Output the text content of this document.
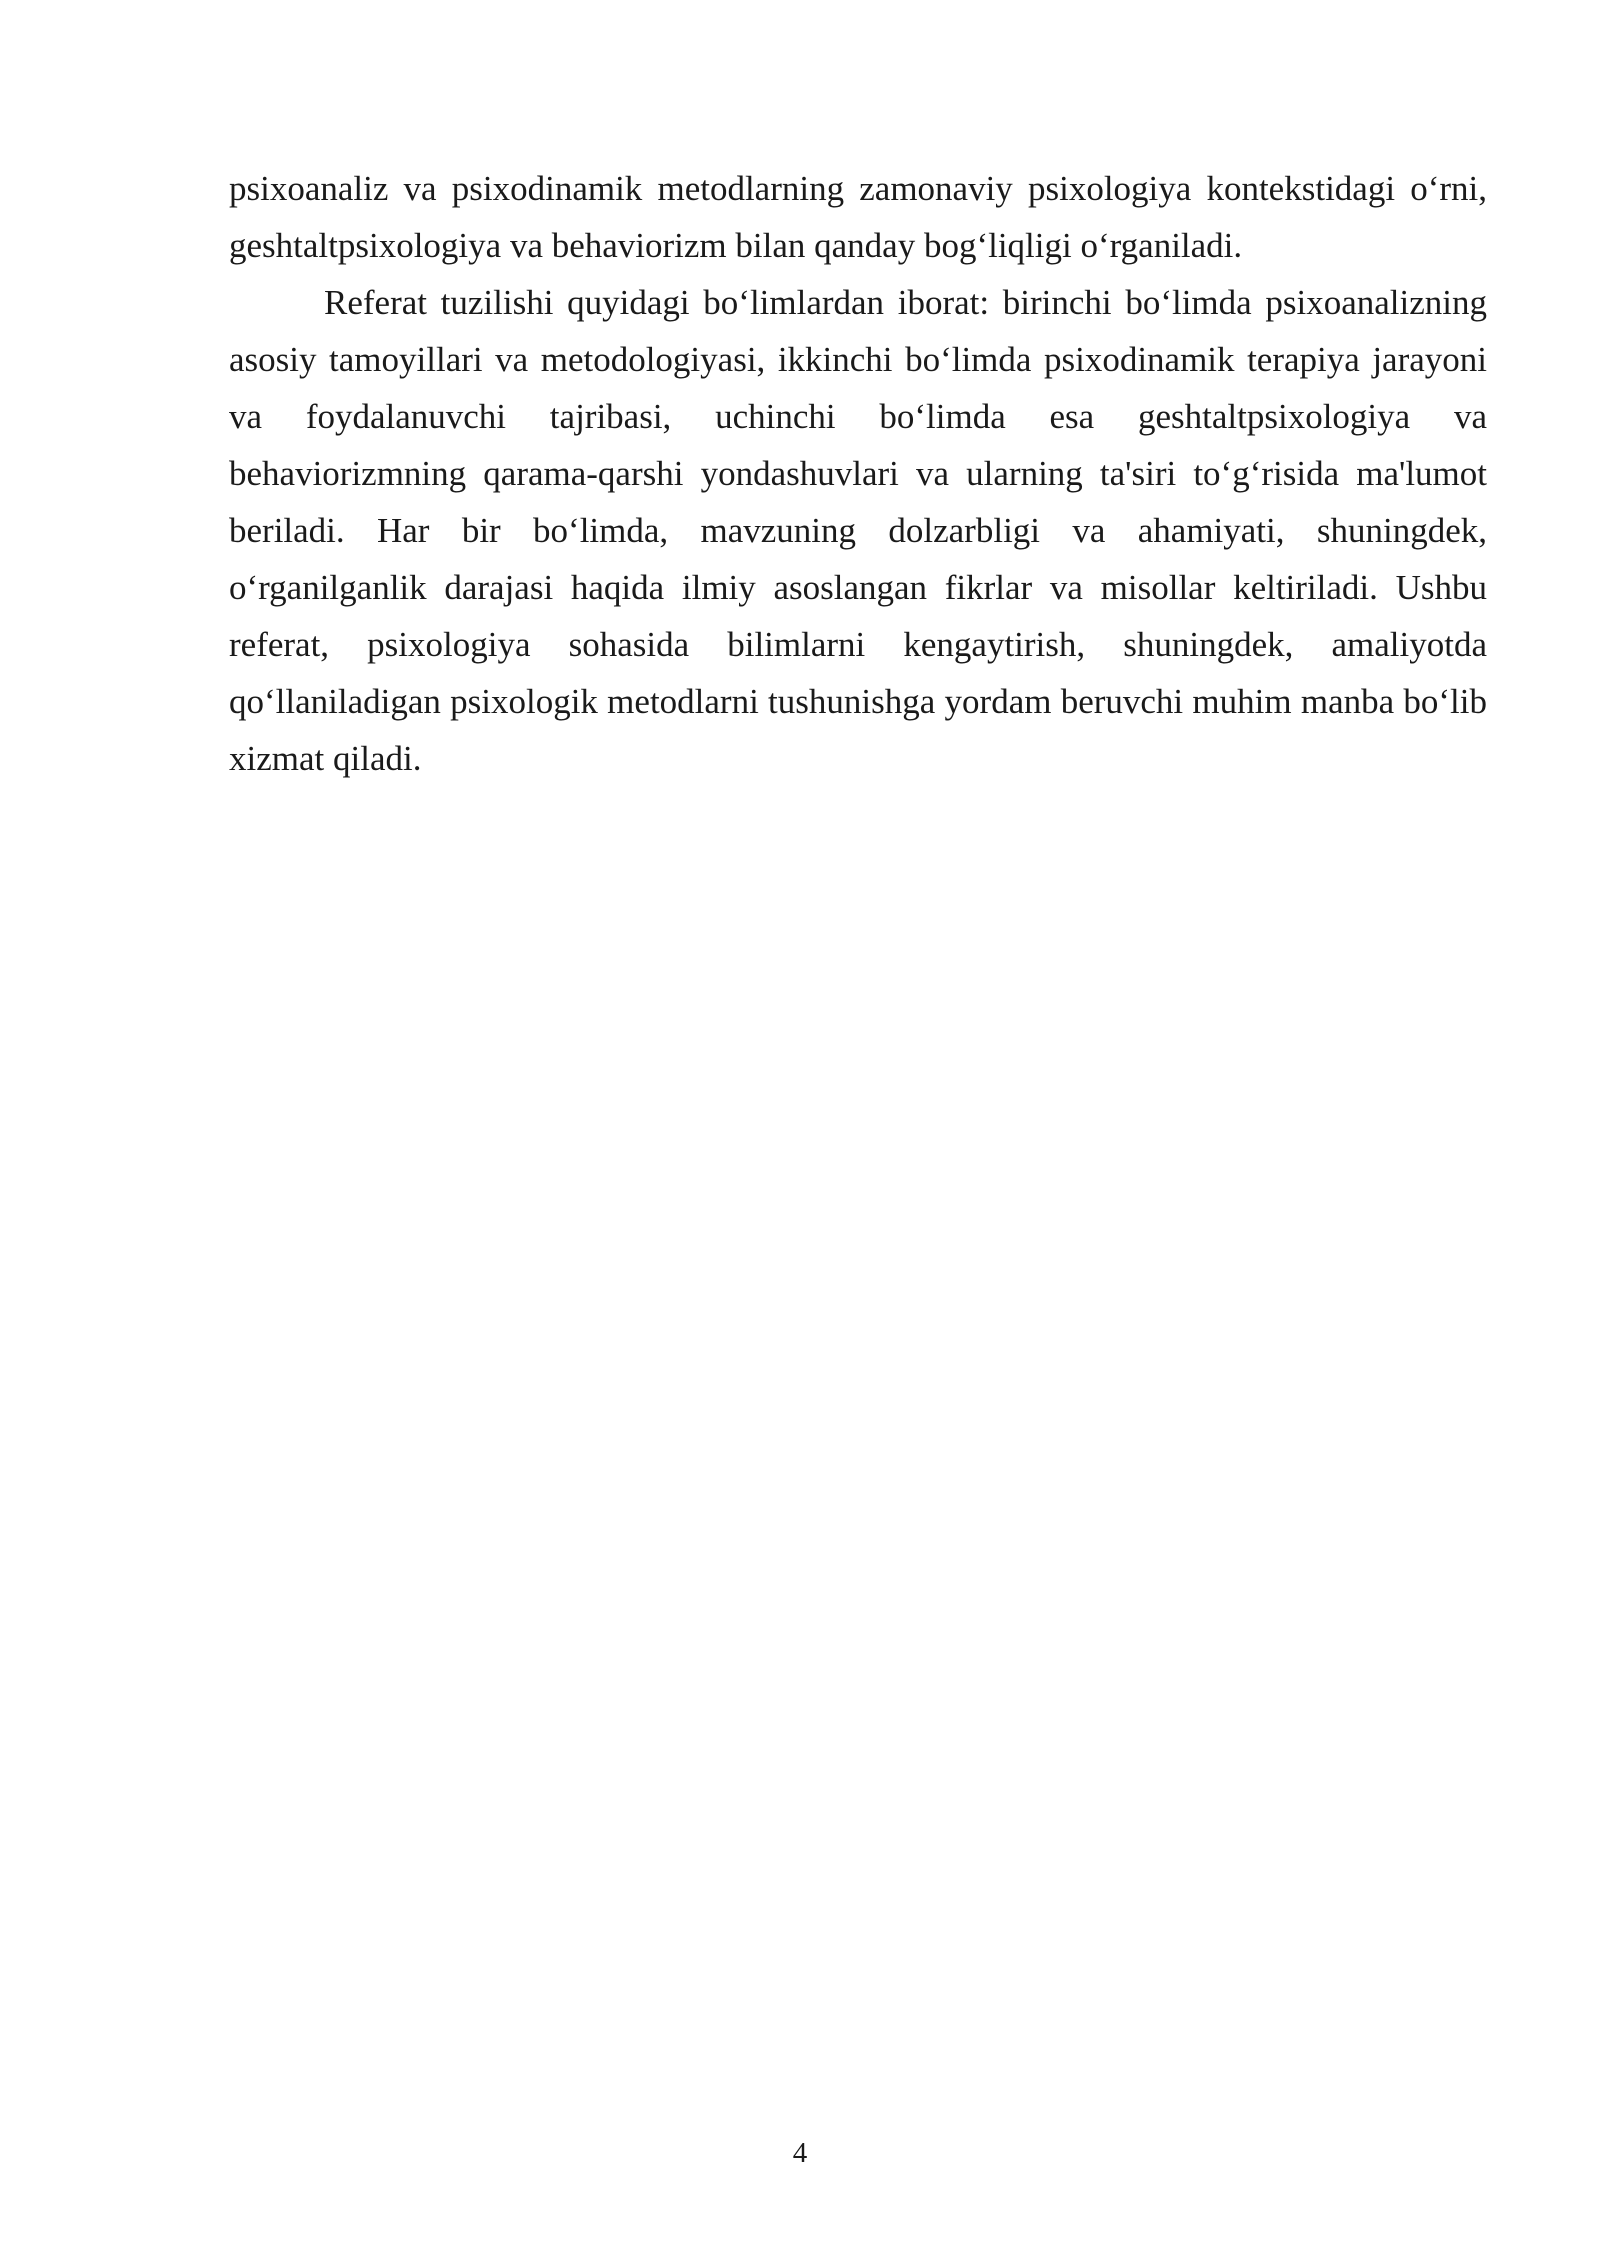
psixoanaliz va psixodinamik metodlarning zamonaviy psixologiya kontekstidagi o‘rni, geshtaltpsixologiya va behaviorizm bilan qanday bog‘liqligi o‘rganiladi.

Referat tuzilishi quyidagi bo‘limlardan iborat: birinchi bo‘limda psixoanalizning asosiy tamoyillari va metodologiyasi, ikkinchi bo‘limda psixodinamik terapiya jarayoni va foydalanuvchi tajribasi, uchinchi bo‘limda esa geshtaltpsixologiya va behaviorizmning qarama-qarshi yondashuvlari va ularning ta'siri to‘g‘risida ma'lumot beriladi. Har bir bo‘limda, mavzuning dolzarbligi va ahamiyati, shuningdek, o‘rganilganlik darajasi haqida ilmiy asoslangan fikrlar va misollar keltiriladi. Ushbu referat, psixologiya sohasida bilimlarni kengaytirish, shuningdek, amaliyotda qo‘llaniladigan psixologik metodlarni tushunishga yordam beruvchi muhim manba bo‘lib xizmat qiladi.

4
